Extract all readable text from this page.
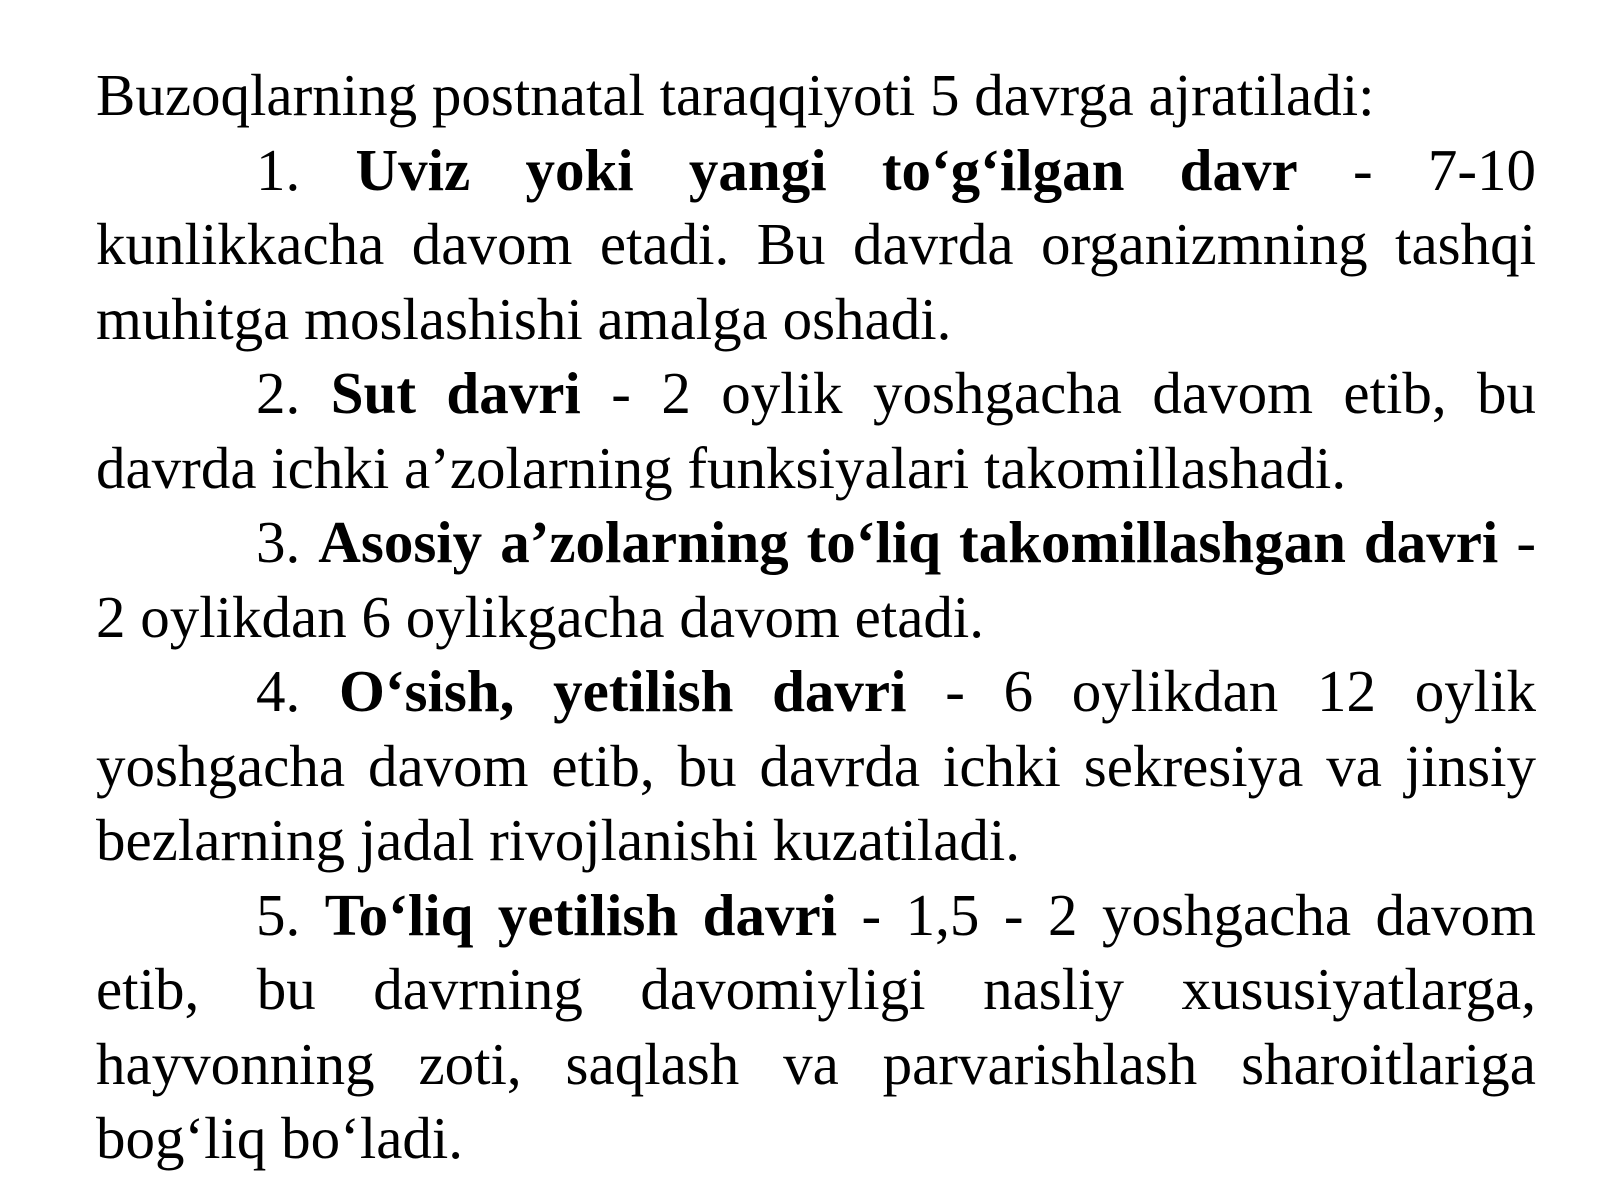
Buzoqlarning postnatal taraqqiyoti 5 davrga ajratiladi:

1. Uviz yoki yangi to‘g‘ilgan davr - 7-10 kunlikkacha davom etadi. Bu davrda organizmning tashqi muhitga moslashishi amalga oshadi.

2. Sut davri - 2 oylik yoshgacha davom etib, bu davrda ichki a’zolarning funksiyalari takomillashadi.

3. Asosiy a’zolarning to‘liq takomillashgan davri - 2 oylikdan 6 oylikgacha davom etadi.

4. O‘sish, yetilish davri - 6 oylikdan 12 oylik yoshgacha davom etib, bu davrda ichki sekresiya va jinsiy bezlarning jadal rivojlanishi kuzatiladi.

5. To‘liq yetilish davri - 1,5 - 2 yoshgacha davom etib, bu davrning davomiyligi nasliy xususiyatlarga, hayvonning zoti, saqlash va parvarishlash sharoitlariga bog‘liq bo‘ladi.
